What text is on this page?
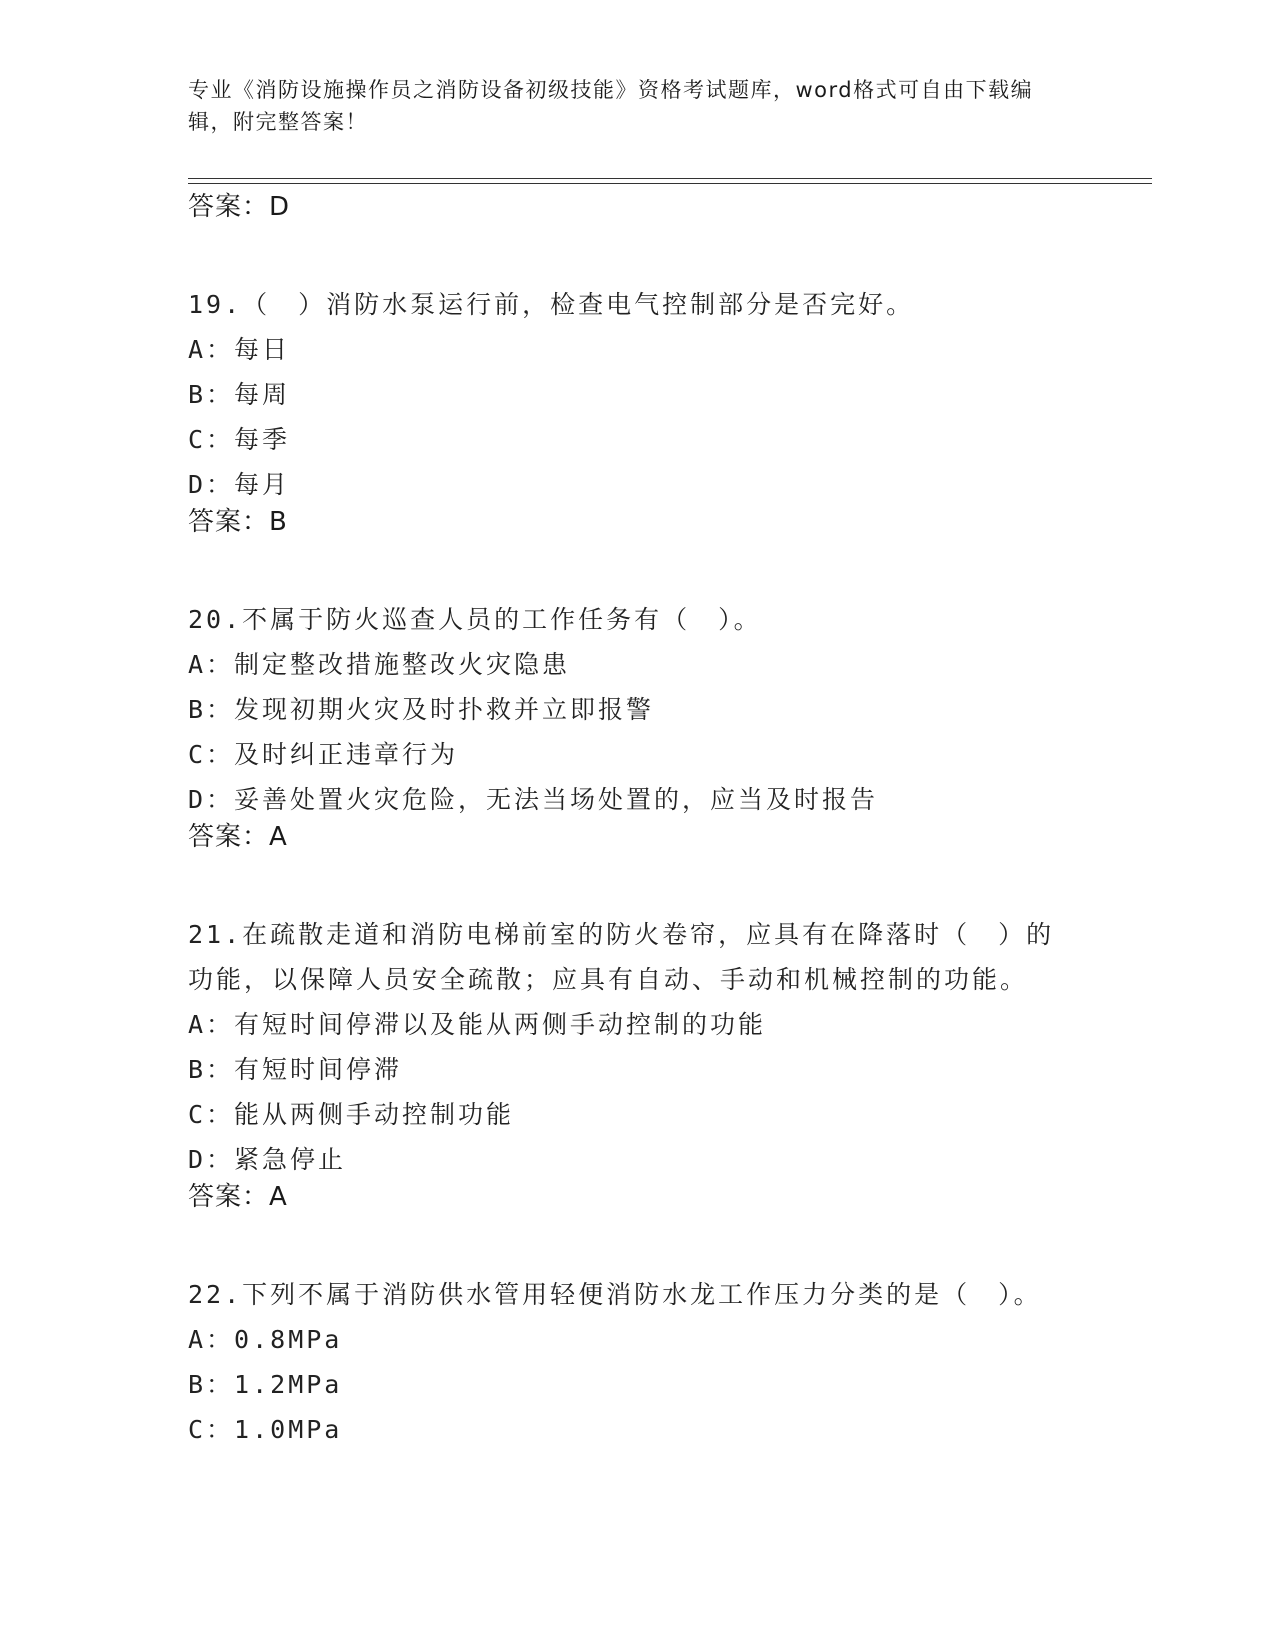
专业《消防设施操作员之消防设备初级技能》资格考试题库，word格式可自由下载编辑，附完整答案！
答案：D
19.（　）消防水泵运行前，检查电气控制部分是否完好。
A：每日
B：每周
C：每季
D：每月
答案：B
20.不属于防火巡查人员的工作任务有（　）。
A：制定整改措施整改火灾隐患
B：发现初期火灾及时扑救并立即报警
C：及时纠正违章行为
D：妥善处置火灾危险，无法当场处置的，应当及时报告
答案：A
21.在疏散走道和消防电梯前室的防火卷帘，应具有在降落时（　）的功能，以保障人员安全疏散；应具有自动、手动和机械控制的功能。
A：有短时间停滞以及能从两侧手动控制的功能
B：有短时间停滞
C：能从两侧手动控制功能
D：紧急停止
答案：A
22.下列不属于消防供水管用轻便消防水龙工作压力分类的是（　）。
A：0.8MPa
B：1.2MPa
C：1.0MPa
